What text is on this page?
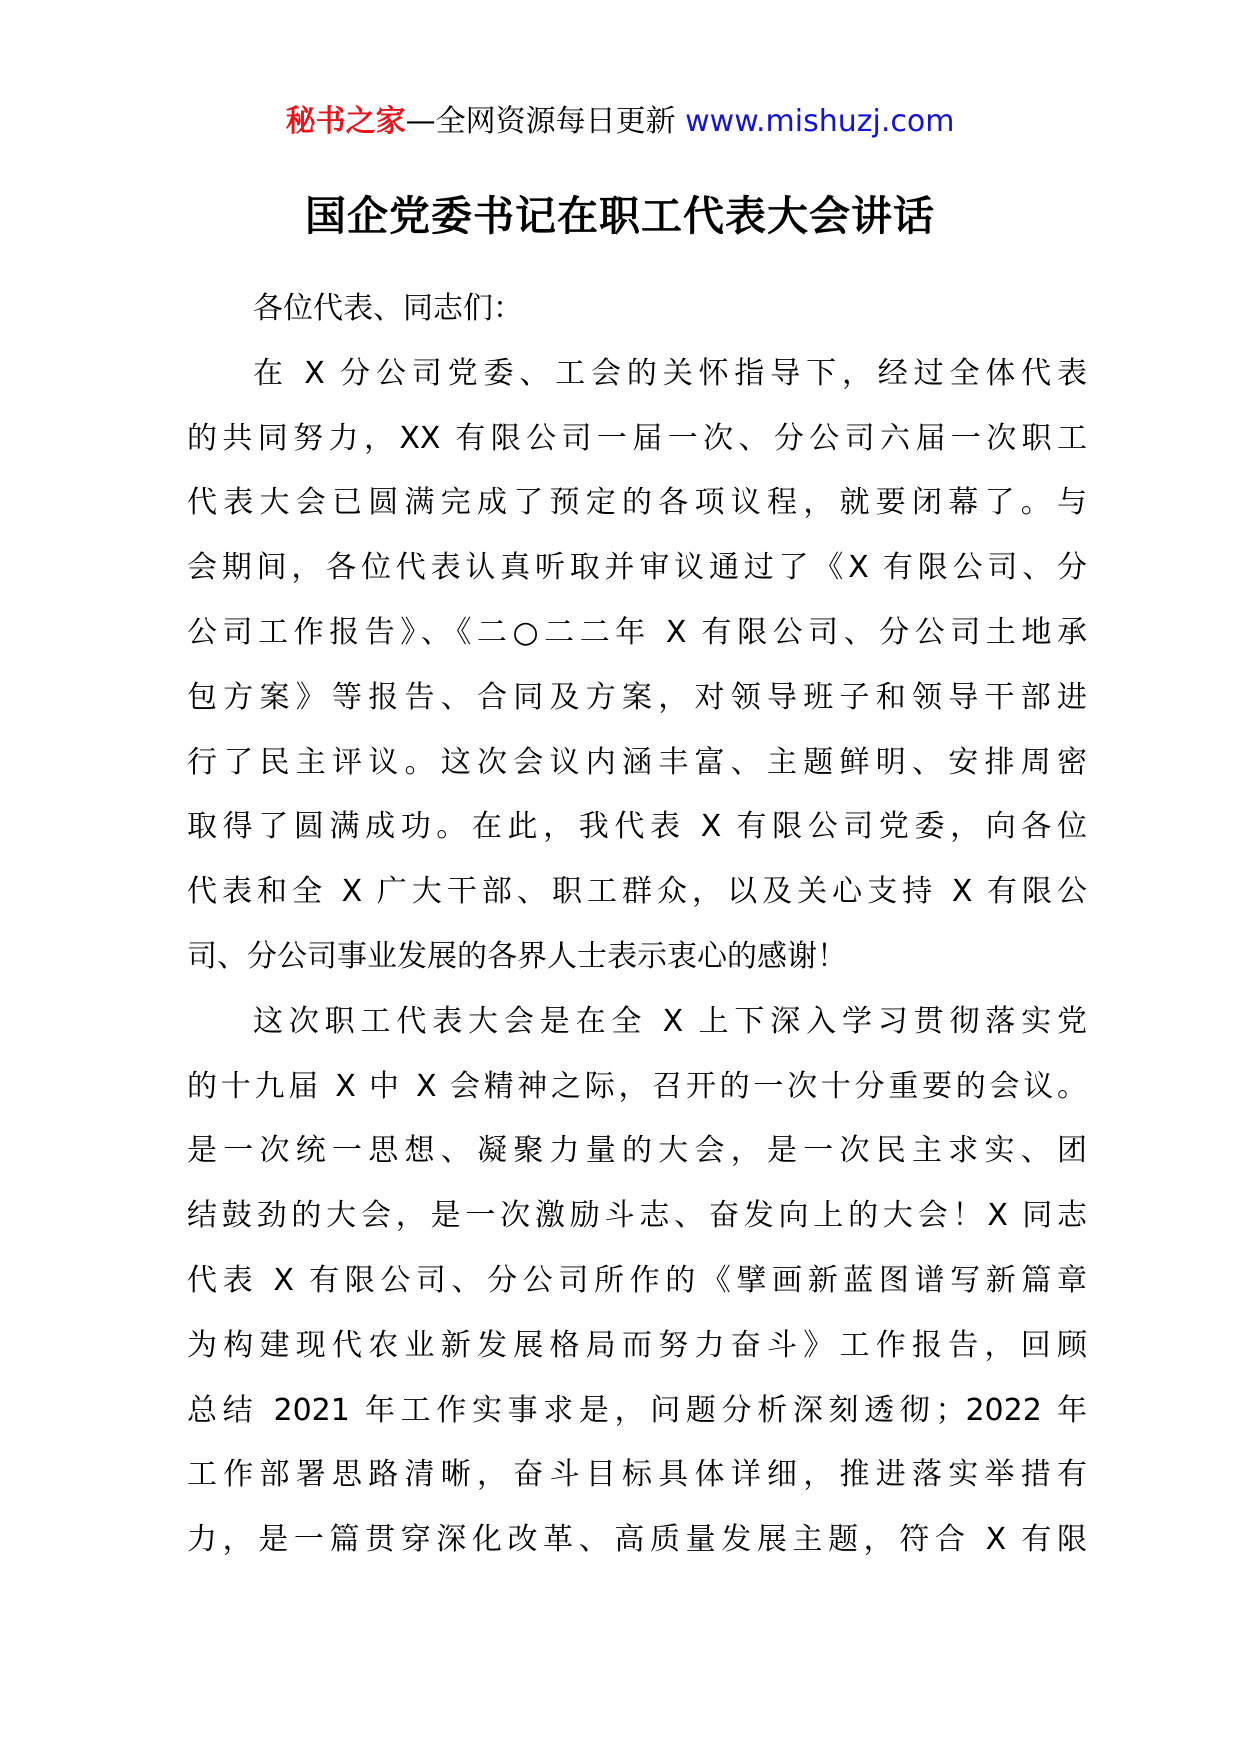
秘书之家—全网资源每日更新 www.mishuzj.com
国企党委书记在职工代表大会讲话
各位代表、同志们：
在 X 分公司党委、工会的关怀指导下，经过全体代表
的共同努力，XX 有限公司一届一次、分公司六届一次职工
代表大会已圆满完成了预定的各项议程，就要闭幕了。与
会期间，各位代表认真听取并审议通过了《X 有限公司、分
公司工作报告》、《二○二二年 X 有限公司、分公司土地承
包方案》等报告、合同及方案，对领导班子和领导干部进
行了民主评议。这次会议内涵丰富、主题鲜明、安排周密
取得了圆满成功。在此，我代表 X 有限公司党委，向各位
代表和全 X 广大干部、职工群众，以及关心支持 X 有限公
司、分公司事业发展的各界人士表示衷心的感谢！
这次职工代表大会是在全 X 上下深入学习贯彻落实党
的十九届 X 中 X 会精神之际，召开的一次十分重要的会议。
是一次统一思想、凝聚力量的大会，是一次民主求实、团
结鼓劲的大会，是一次激励斗志、奋发向上的大会！X 同志
代表 X 有限公司、分公司所作的《擘画新蓝图谱写新篇章
为构建现代农业新发展格局而努力奋斗》工作报告，回顾
总结 2021 年工作实事求是，问题分析深刻透彻；2022 年
工作部署思路清晰，奋斗目标具体详细，推进落实举措有
力，是一篇贯穿深化改革、高质量发展主题，符合 X 有限
